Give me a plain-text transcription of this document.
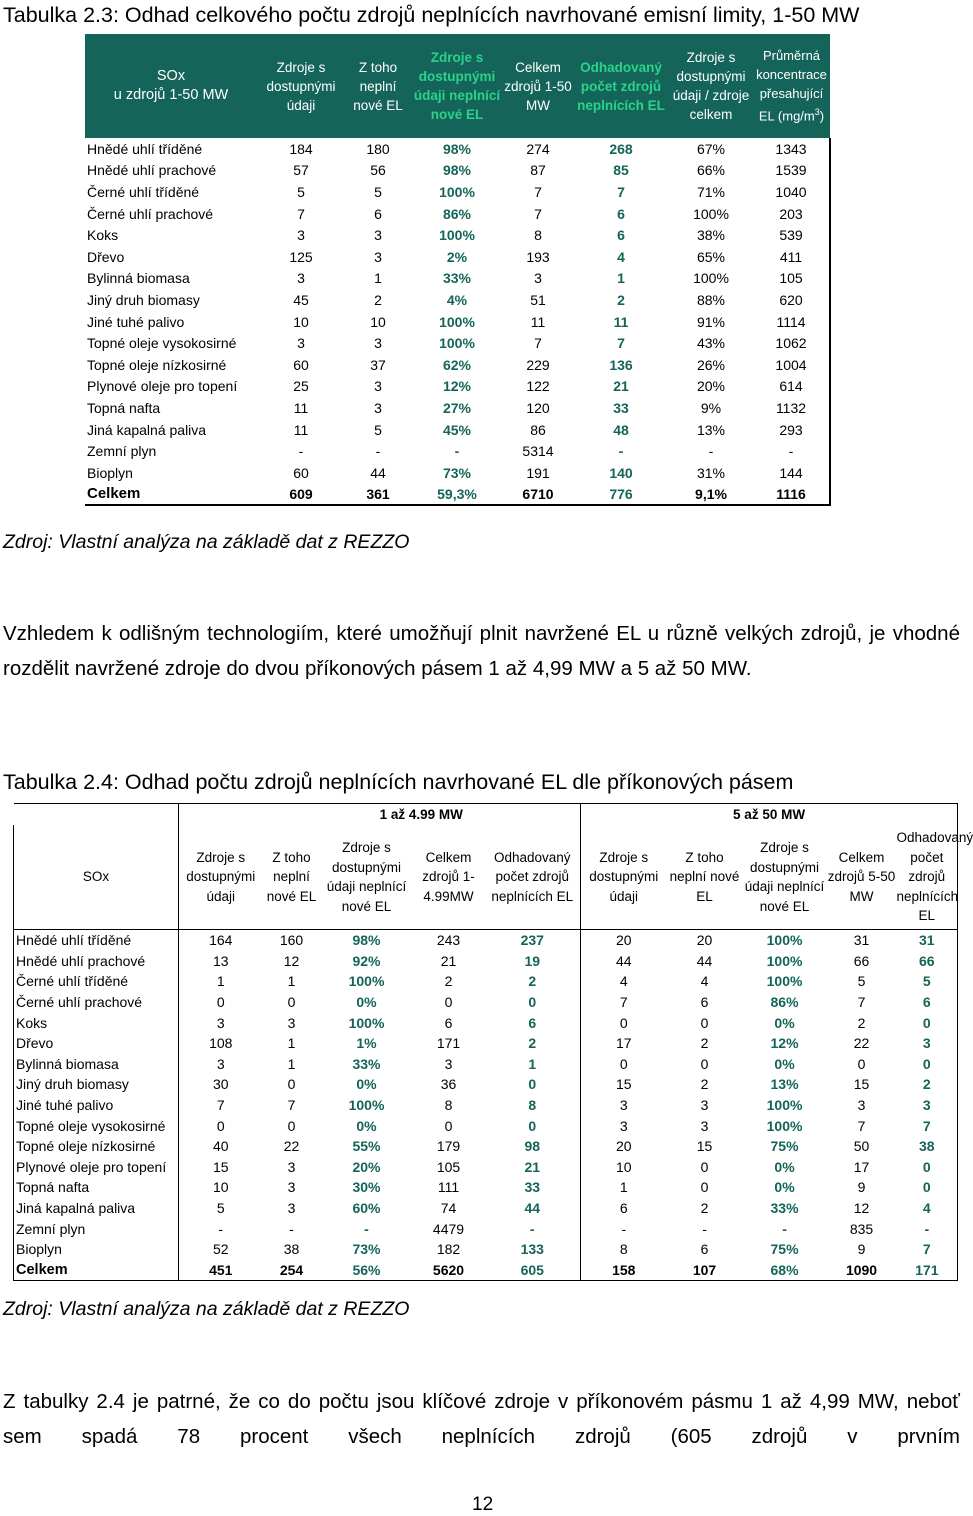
Tabulka 2.3: Odhad celkového počtu zdrojů neplnících navrhované emisní limity, 1-50 MW
SOx
u zdrojů 1-50 MW	Zdroje s dostupnými údaji	Z toho neplní nové EL	Zdroje s dostupnými údaji neplnící nové EL	Celkem zdrojů 1-50 MW	Odhadovaný počet zdrojů neplnících EL	Zdroje s dostupnými údaji / zdroje celkem	Průměrná koncentrace přesahující EL $(mg/m^3)$
Hnědé uhlí tříděné	184	180	98%	274	268	67%	1343
Hnědé uhlí prachové	57	56	98%	87	85	66%	1539
Černé uhlí tříděné	5	5	100%	7	7	71%	1040
Černé uhlí prachové	7	6	86%	7	6	100%	203
Koks	3	3	100%	8	6	38%	539
Dřevo	125	3	2%	193	4	65%	411
Bylinná biomasa	3	1	33%	3	1	100%	105
Jiný druh biomasy	45	2	4%	51	2	88%	620
Jiné tuhé palivo	10	10	100%	11	11	91%	1114
Topné oleje vysokosirné	3	3	100%	7	7	43%	1062
Topné oleje nízkosirné	60	37	62%	229	136	26%	1004
Plynové oleje pro topení	25	3	12%	122	21	20%	614
Topná nafta	11	3	27%	120	33	9%	1132
Jiná kapalná paliva	11	5	45%	86	48	13%	293
Zemní plyn	-	-	-	5314	-	-	-
Bioplyn	60	44	73%	191	140	31%	144
Celkem	609	361	59,3%	6710	776	9,1%	1116
Zdroj: Vlastní analýza na základě dat z REZZO
Vzhledem k odlišným technologiím, které umožňují plnit navržené EL u různě velkých zdrojů, je vhodné rozdělit navržené zdroje do dvou příkonových pásem 1 až 4,99 MW a 5 až 50 MW.
Tabulka 2.4: Odhad počtu zdrojů neplnících navrhované EL dle příkonových pásem
		1 až 4.99 MW				5 až 50 MW				
SOx	Zdroje s dostupnými údaji	Z toho neplní nové EL	Zdroje s dostupnými údaji neplnící nové EL	Celkem zdrojů 1-4.99MW	Odhadovaný počet zdrojů neplnících EL	Zdroje s dostupnými údaji	Z toho neplní nové EL	Zdroje s dostupnými údaji neplnící nové EL	Celkem zdrojů 5-50 MW	Odhadovaný počet zdrojů neplnících EL
Hnědé uhlí tříděné	164	160	98%	243	237	20	20	100%	31	31
Hnědé uhlí prachové	13	12	92%	21	19	44	44	100%	66	66
Černé uhlí tříděné	1	1	100%	2	2	4	4	100%	5	5
Černé uhlí prachové	0	0	0%	0	0	7	6	86%	7	6
Koks	3	3	100%	6	6	0	0	0%	2	0
Dřevo	108	1	1%	171	2	17	2	12%	22	3
Bylinná biomasa	3	1	33%	3	1	0	0	0%	0	0
Jiný druh biomasy	30	0	0%	36	0	15	2	13%	15	2
Jiné tuhé palivo	7	7	100%	8	8	3	3	100%	3	3
Topné oleje vysokosirné	0	0	0%	0	0	3	3	100%	7	7
Topné oleje nízkosirné	40	22	55%	179	98	20	15	75%	50	38
Plynové oleje pro topení	15	3	20%	105	21	10	0	0%	17	0
Topná nafta	10	3	30%	111	33	1	0	0%	9	0
Jiná kapalná paliva	5	3	60%	74	44	6	2	33%	12	4
Zemní plyn	-	-	-	4479	-	-	-	-	835	-
Bioplyn	52	38	73%	182	133	8	6	75%	9	7
Celkem	451	254	56%	5620	605	158	107	68%	1090	171
Zdroj: Vlastní analýza na základě dat z REZZO
Z tabulky 2.4 je patrné, že co do počtu jsou klíčové zdroje v příkonovém pásmu 1 až 4,99 MW, neboť sem spadá 78 procent všech neplnících zdrojů (605 zdrojů v prvním
12
